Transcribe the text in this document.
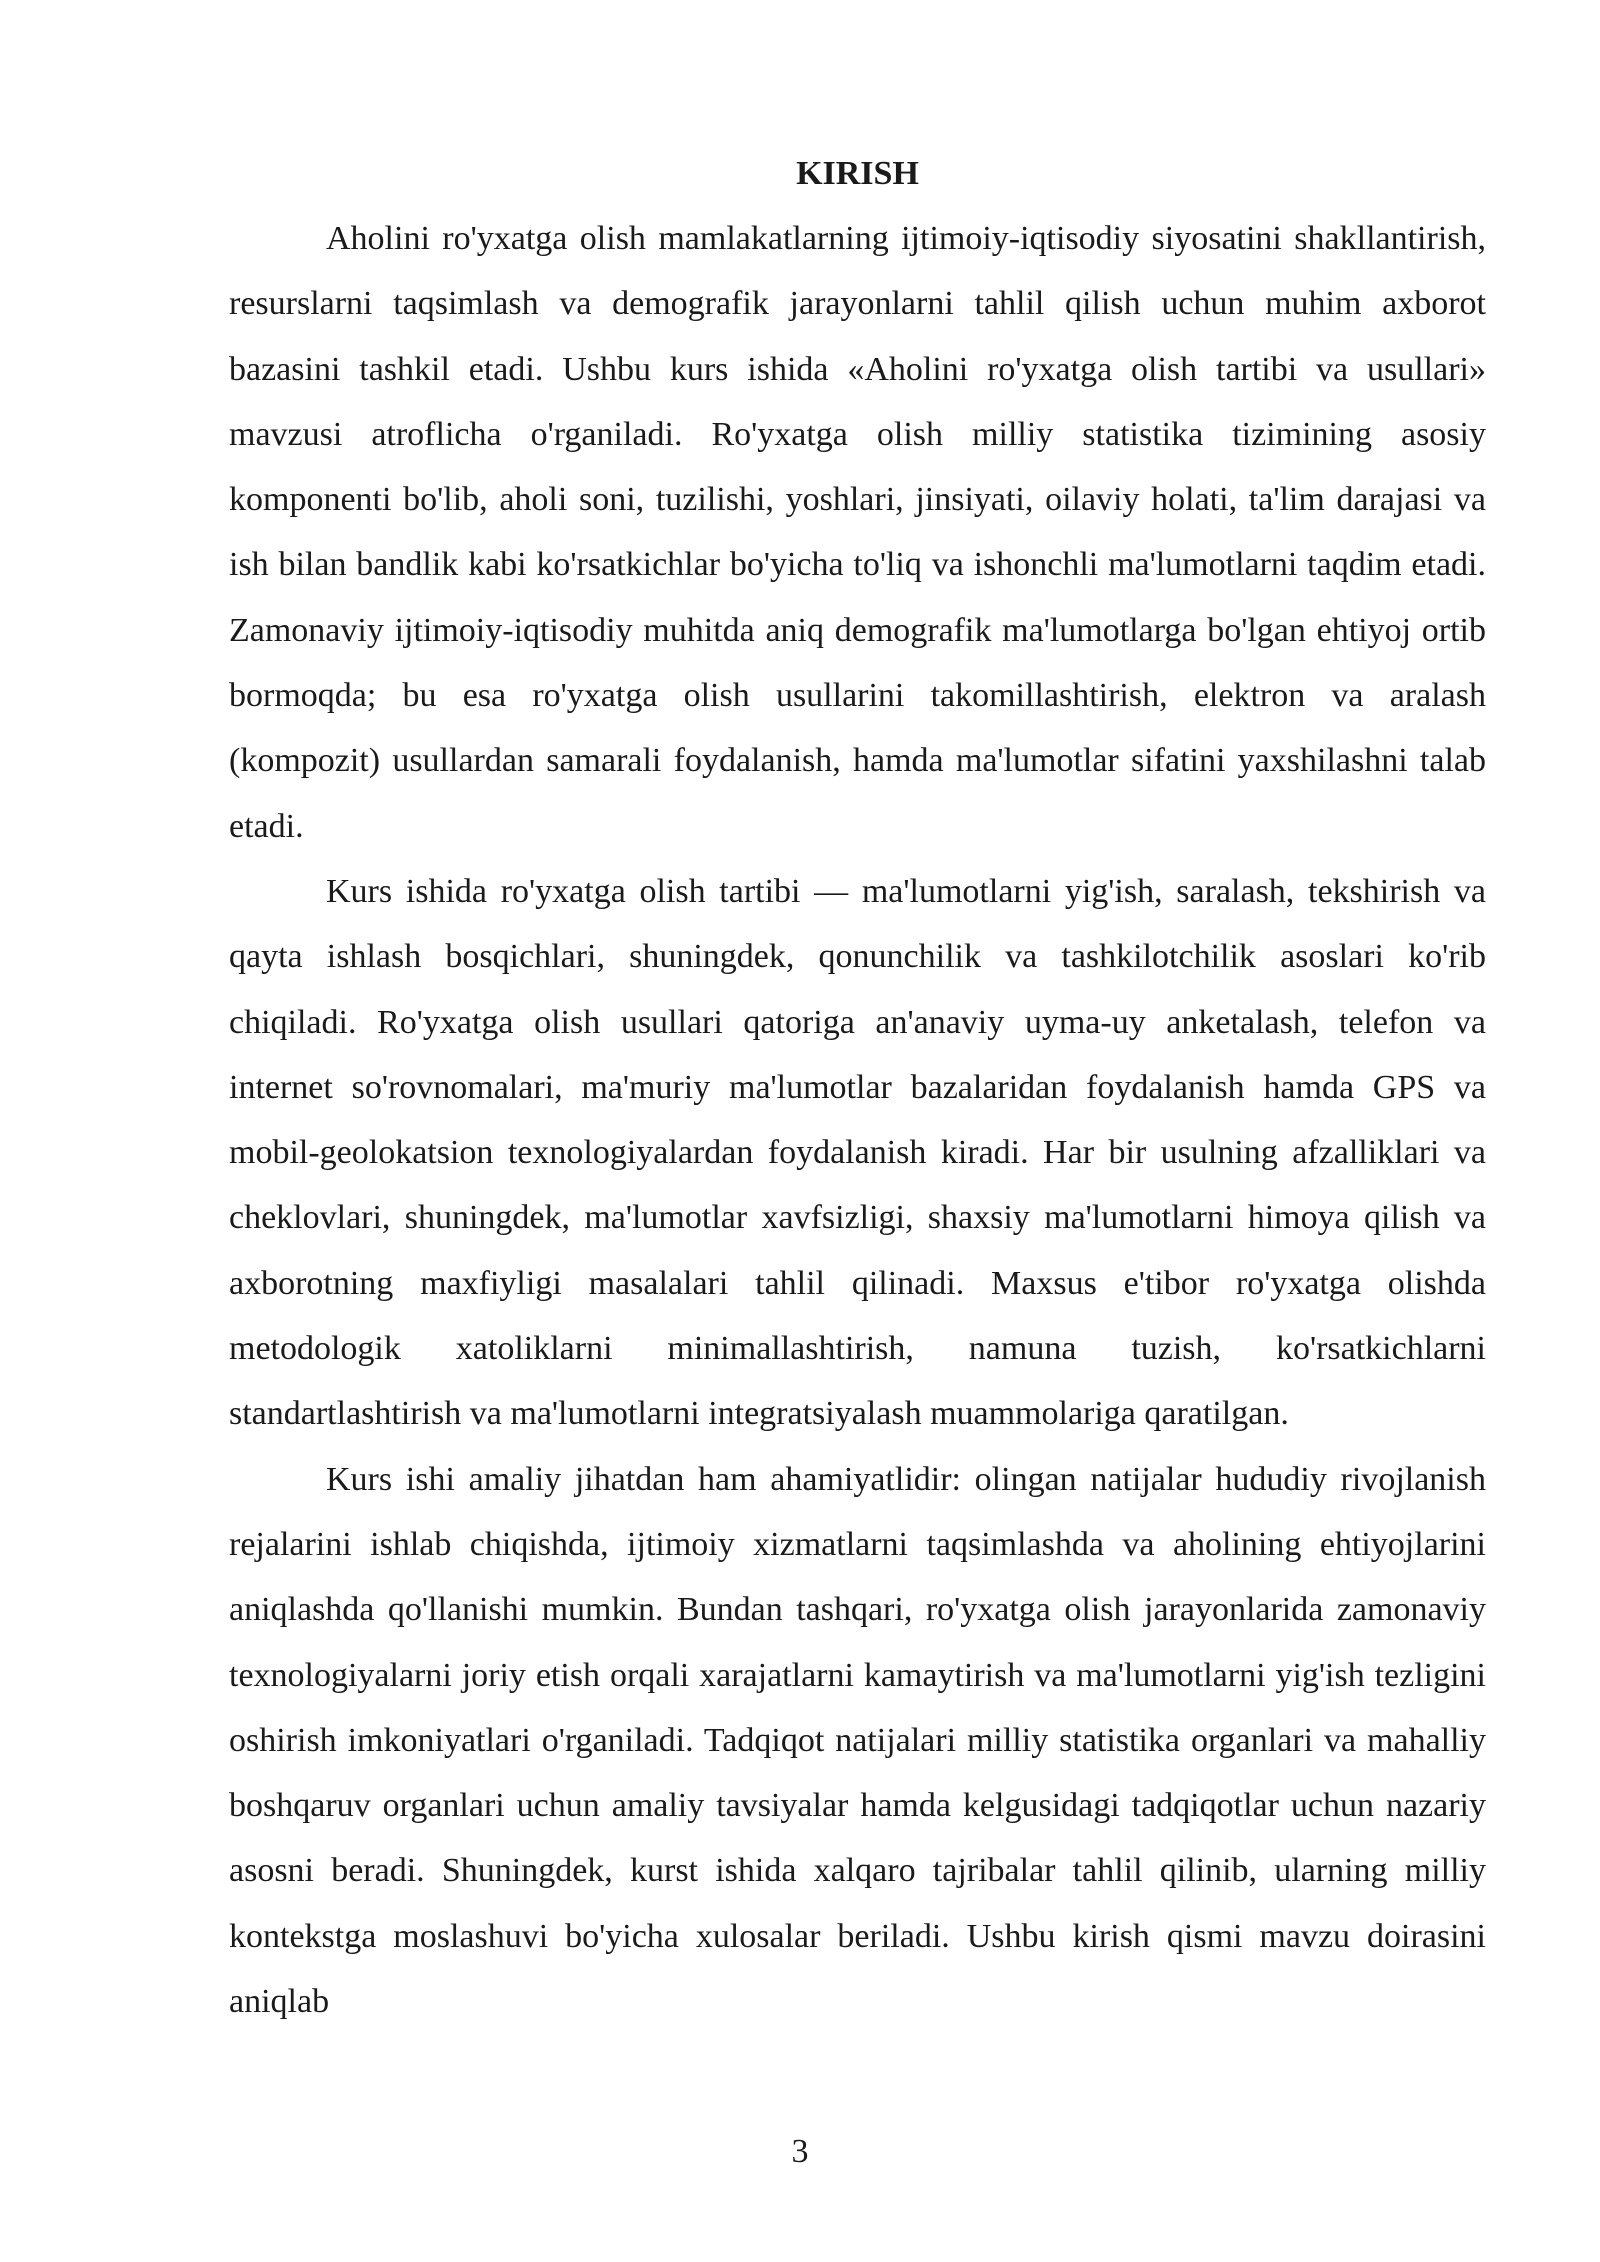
KIRISH

Aholini ro'yxatga olish mamlakatlarning ijtimoiy-iqtisodiy siyosatini shakllantirish, resurslarni taqsimlash va demografik jarayonlarni tahlil qilish uchun muhim axborot bazasini tashkil etadi. Ushbu kurs ishida «Aholini ro'yxatga olish tartibi va usullari» mavzusi atroflicha o'rganiladi. Ro'yxatga olish milliy statistika tizimining asosiy komponenti bo'lib, aholi soni, tuzilishi, yoshlari, jinsiyati, oilaviy holati, ta'lim darajasi va ish bilan bandlik kabi ko'rsatkichlar bo'yicha to'liq va ishonchli ma'lumotlarni taqdim etadi. Zamonaviy ijtimoiy-iqtisodiy muhitda aniq demografik ma'lumotlarga bo'lgan ehtiyoj ortib bormoqda; bu esa ro'yxatga olish usullarini takomillashtirish, elektron va aralash (kompozit) usullardan samarali foydalanish, hamda ma'lumotlar sifatini yaxshilashni talab etadi.

Kurs ishida ro'yxatga olish tartibi — ma'lumotlarni yig'ish, saralash, tekshirish va qayta ishlash bosqichlari, shuningdek, qonunchilik va tashkilotchilik asoslari ko'rib chiqiladi. Ro'yxatga olish usullari qatoriga an'anaviy uyma-uy anketalash, telefon va internet so'rovnomalari, ma'muriy ma'lumotlar bazalaridan foydalanish hamda GPS va mobil-geolokatsion texnologiyalardan foydalanish kiradi. Har bir usulning afzalliklari va cheklovlari, shuningdek, ma'lumotlar xavfsizligi, shaxsiy ma'lumotlarni himoya qilish va axborotning maxfiyligi masalalari tahlil qilinadi. Maxsus e'tibor ro'yxatga olishda metodologik xatoliklarni minimallashtirish, namuna tuzish, ko'rsatkichlarni standartlashtirish va ma'lumotlarni integratsiyalash muammolariga qaratilgan.

Kurs ishi amaliy jihatdan ham ahamiyatlidir: olingan natijalar hududiy rivojlanish rejalarini ishlab chiqishda, ijtimoiy xizmatlarni taqsimlashda va aholining ehtiyojlarini aniqlashda qo'llanishi mumkin. Bundan tashqari, ro'yxatga olish jarayonlarida zamonaviy texnologiyalarni joriy etish orqali xarajatlarni kamaytirish va ma'lumotlarni yig'ish tezligini oshirish imkoniyatlari o'rganiladi. Tadqiqot natijalari milliy statistika organlari va mahalliy boshqaruv organlari uchun amaliy tavsiyalar hamda kelgusidagi tadqiqotlar uchun nazariy asosni beradi. Shuningdek, kurst ishida xalqaro tajribalar tahlil qilinib, ularning milliy kontekstga moslashuvi bo'yicha xulosalar beriladi. Ushbu kirish qismi mavzu doirasini aniqlab

3
